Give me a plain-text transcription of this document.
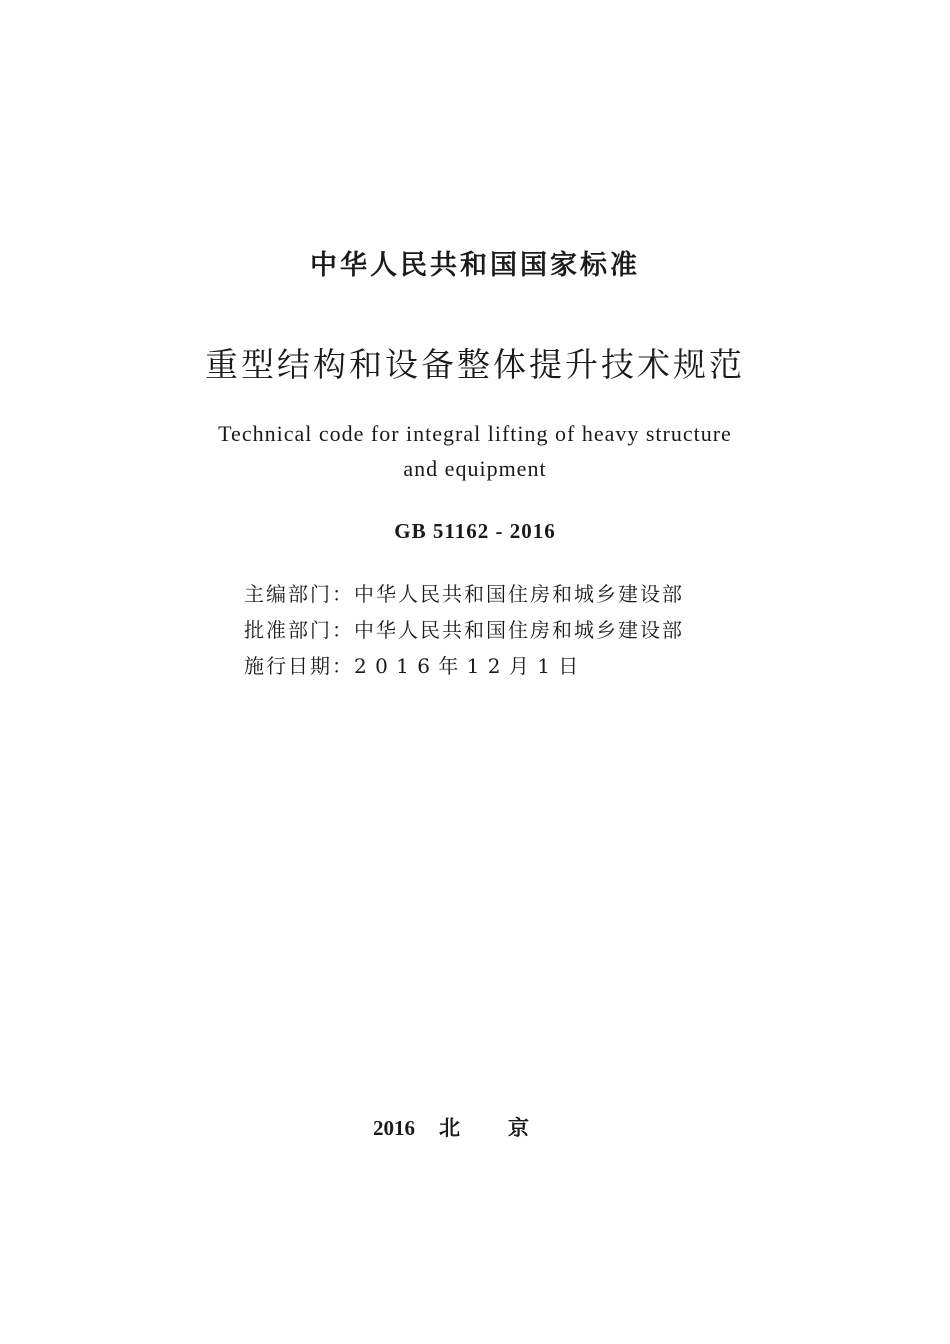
中华人民共和国国家标准
重型结构和设备整体提升技术规范
Technical code for integral lifting of heavy structure
and equipment
GB 51162 - 2016
主编部门：中华人民共和国住房和城乡建设部
批准部门：中华人民共和国住房和城乡建设部
施行日期：2 0 1 6 年 1 2 月 1 日
2016 北京
